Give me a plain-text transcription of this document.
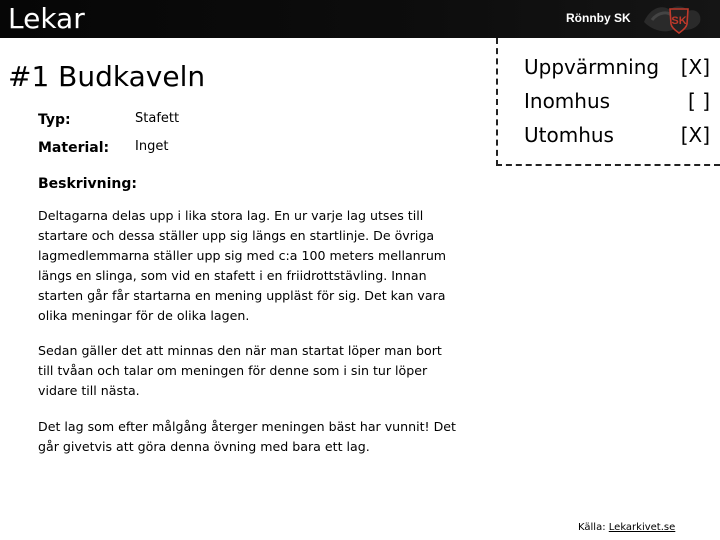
Lekar	Rönnby SK	SK
#1 Budkaveln
Typ:	Stafett
Material: Inget
Uppvärmning [X]
Inomhus	[ ]
Utomhus	[X]
Beskrivning:

Deltagarna delas upp i lika stora lag. En ur varje lag utses till startare och dessa ställer upp sig längs en startlinje. De övriga lagmedlemmarna ställer upp sig med c:a 100 meters mellanrum längs en slinga, som vid en stafett i en friidrottstävling. Innan starten går får startarna en mening uppläst för sig. Det kan vara olika meningar för de olika lagen.

Sedan gäller det att minnas den när man startat löper man bort till tvåan och talar om meningen för denne som i sin tur löper vidare till nästa.

Det lag som efter målgång återger meningen bäst har vunnit! Det går givetvis att göra denna övning med bara ett lag.

Källa: Lekarkivet.se
